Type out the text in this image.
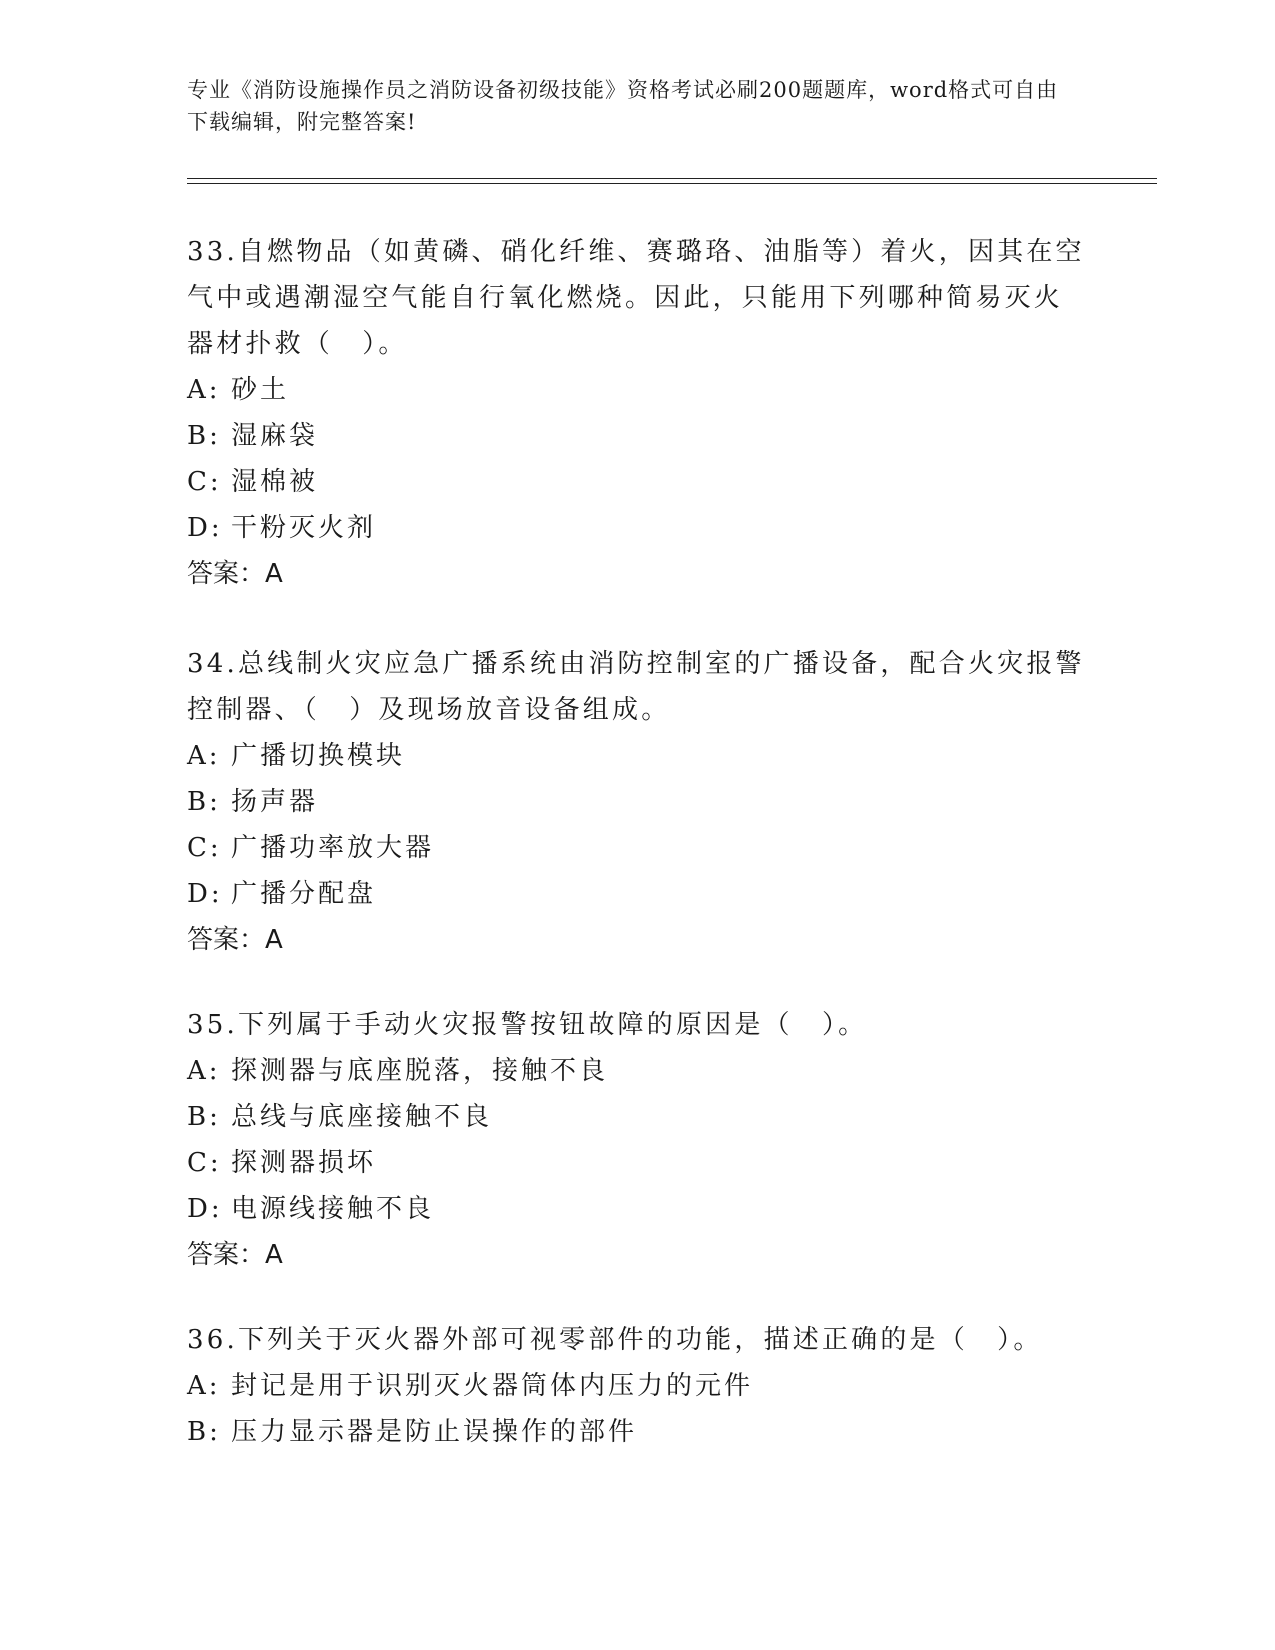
专业《消防设施操作员之消防设备初级技能》资格考试必刷200题题库，word格式可自由下载编辑，附完整答案!

33.自燃物品（如黄磷、硝化纤维、赛璐珞、油脂等）着火，因其在空气中或遇潮湿空气能自行氧化燃烧。因此，只能用下列哪种简易灭火器材扑救（　）。

A: 砂土

B: 湿麻袋

C: 湿棉被

D: 干粉灭火剂

答案：A

34.总线制火灾应急广播系统由消防控制室的广播设备，配合火灾报警控制器、（　）及现场放音设备组成。

A: 广播切换模块

B: 扬声器

C: 广播功率放大器

D: 广播分配盘

答案：A

35.下列属于手动火灾报警按钮故障的原因是（　）。

A: 探测器与底座脱落，接触不良

B: 总线与底座接触不良

C: 探测器损坏

D: 电源线接触不良

答案：A

36.下列关于灭火器外部可视零部件的功能，描述正确的是（　）。

A: 封记是用于识别灭火器筒体内压力的元件

B: 压力显示器是防止误操作的部件
